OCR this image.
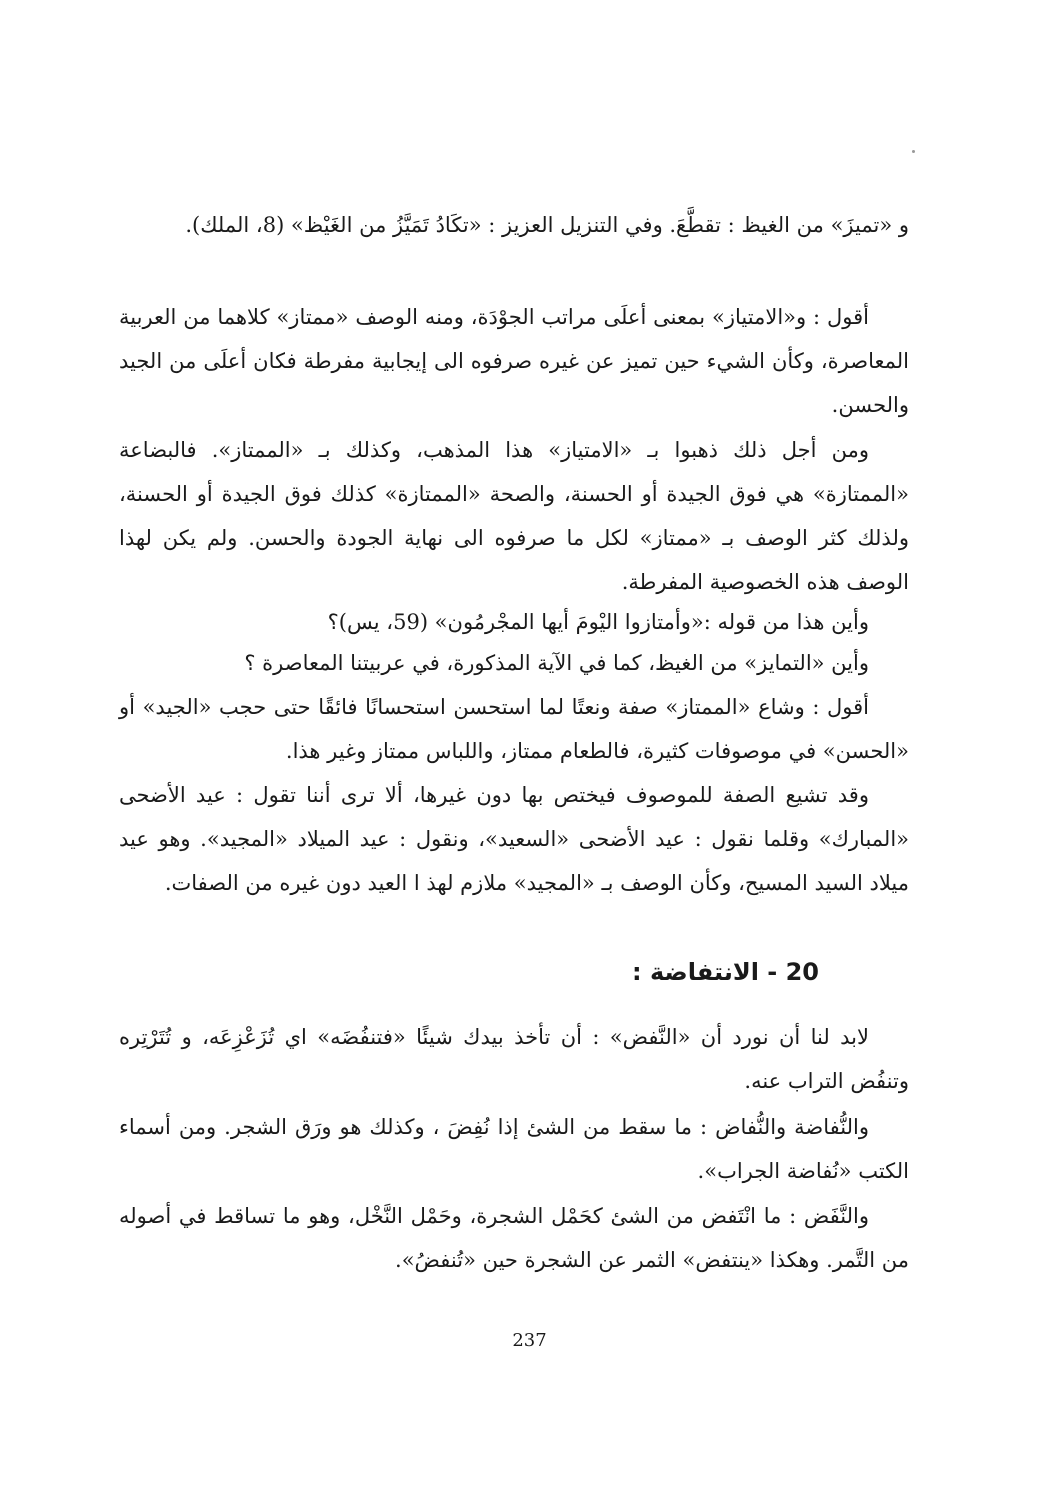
و «تميزَ» من الغيظ : تقطَّعَ. وفي التنزيل العزيز : «تكَادُ تَمَيَّزُ من الغَيْظ» (8، الملك).

أقول : و«الامتياز» بمعنى أعلَى مراتب الجوْدَة، ومنه الوصف «ممتاز» كلاهما من العربية المعاصرة، وكأن الشيء حين تميز عن غيره صرفوه الى إيجابية مفرطة فكان أعلَى من الجيد والحسن.

ومن أجل ذلك ذهبوا بـ «الامتياز» هذا المذهب، وكذلك بـ «الممتاز». فالبضاعة «الممتازة» هي فوق الجيدة أو الحسنة، والصحة «الممتازة» كذلك فوق الجيدة أو الحسنة، ولذلك كثر الوصف بـ «ممتاز» لكل ما صرفوه الى نهاية الجودة والحسن. ولم يكن لهذا الوصف هذه الخصوصية المفرطة.

وأين هذا من قوله :«وأمتازوا اليْومَ أيها المجْرمُون» (59، يس)؟

وأين «التمايز» من الغيظ، كما في الآية المذكورة، في عربيتنا المعاصرة ؟

أقول : وشاع «الممتاز» صفة ونعتًا لما استحسن استحسانًا فائقًا حتى حجب «الجيد» أو «الحسن» في موصوفات كثيرة، فالطعام ممتاز، واللباس ممتاز وغير هذا.

وقد تشيع الصفة للموصوف فيختص بها دون غيرها، ألا ترى أننا تقول : عيد الأضحى «المبارك» وقلما نقول : عيد الأضحى «السعيد»، ونقول : عيد الميلاد «المجيد». وهو عيد ميلاد السيد المسيح، وكأن الوصف بـ «المجيد» ملازم لهذ ا العيد دون غيره من الصفات.

20 - الانتفاضة :

لابد لنا أن نورد أن «النَّفض» : أن تأخذ بيدك شيئًا «فتنفُضَه» اي تُزَعْزِعَه، و تُتَرْتِره وتنفُض التراب عنه.

والنُّفاضة والنُّفاض : ما سقط من الشئ إذا نُفِضَ ، وكذلك هو ورَق الشجر. ومن أسماء الكتب «نُفاضة الجراب».

والنَّفَض : ما انْتَفض من الشئ كحَمْل الشجرة، وحَمْل النَّخْل، وهو ما تساقط في أصوله من التَّمر. وهكذا «ينتفض» الثمر عن الشجرة حين «تُنفضُ».

237
